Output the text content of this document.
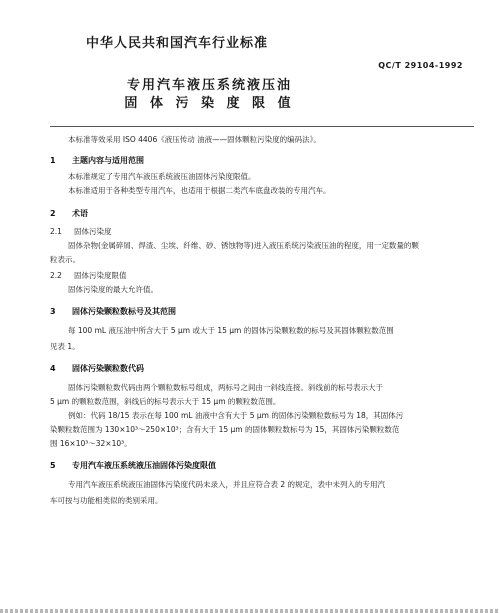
中华人民共和国汽车行业标准
QC/T 29104-1992
专用汽车液压系统液压油
固 体 污 染 度 限 值
本标准等效采用 ISO 4406《液压传动 油液——固体颗粒污染度的编码法》。
1 主题内容与适用范围
本标准规定了专用汽车液压系统液压油固体污染度限值。
本标准适用于各种类型专用汽车，也适用于根据二类汽车底盘改装的专用汽车。
2 术语
2.1 固体污染度
固体杂物(金属碎屑、焊渣、尘埃、纤维、砂、锈蚀物等)进入液压系统污染液压油的程度，用一定数量的颗
粒表示。
2.2 固体污染度限值
固体污染度的最大允许值。
3 固体污染颗粒数标号及其范围
每 100 mL 液压油中所含大于 5 μm 或大于 15 μm 的固体污染颗粒数的标号及其固体颗粒数范围
见表 1。
4 固体污染颗粒数代码
固体污染颗粒数代码由两个颗粒数标号组成，两标号之间由一斜线连接。斜线前的标号表示大于
5 μm 的颗粒数范围，斜线后的标号表示大于 15 μm 的颗粒数范围。
例如：代码 18/15 表示在每 100 mL 油液中含有大于 5 μm 的固体污染颗粒数标号为 18，其固体污
染颗粒数范围为 130×10³～250×10³；含有大于 15 μm 的固体颗粒数标号为 15，其固体污染颗粒数范
围 16×10³～32×10³。
5 专用汽车液压系统液压油固体污染度限值
专用汽车液压系统液压油固体污染度代码未录入，并且应符合表 2 的规定，表中未列入的专用汽
车可按与功能相类似的类别采用。
